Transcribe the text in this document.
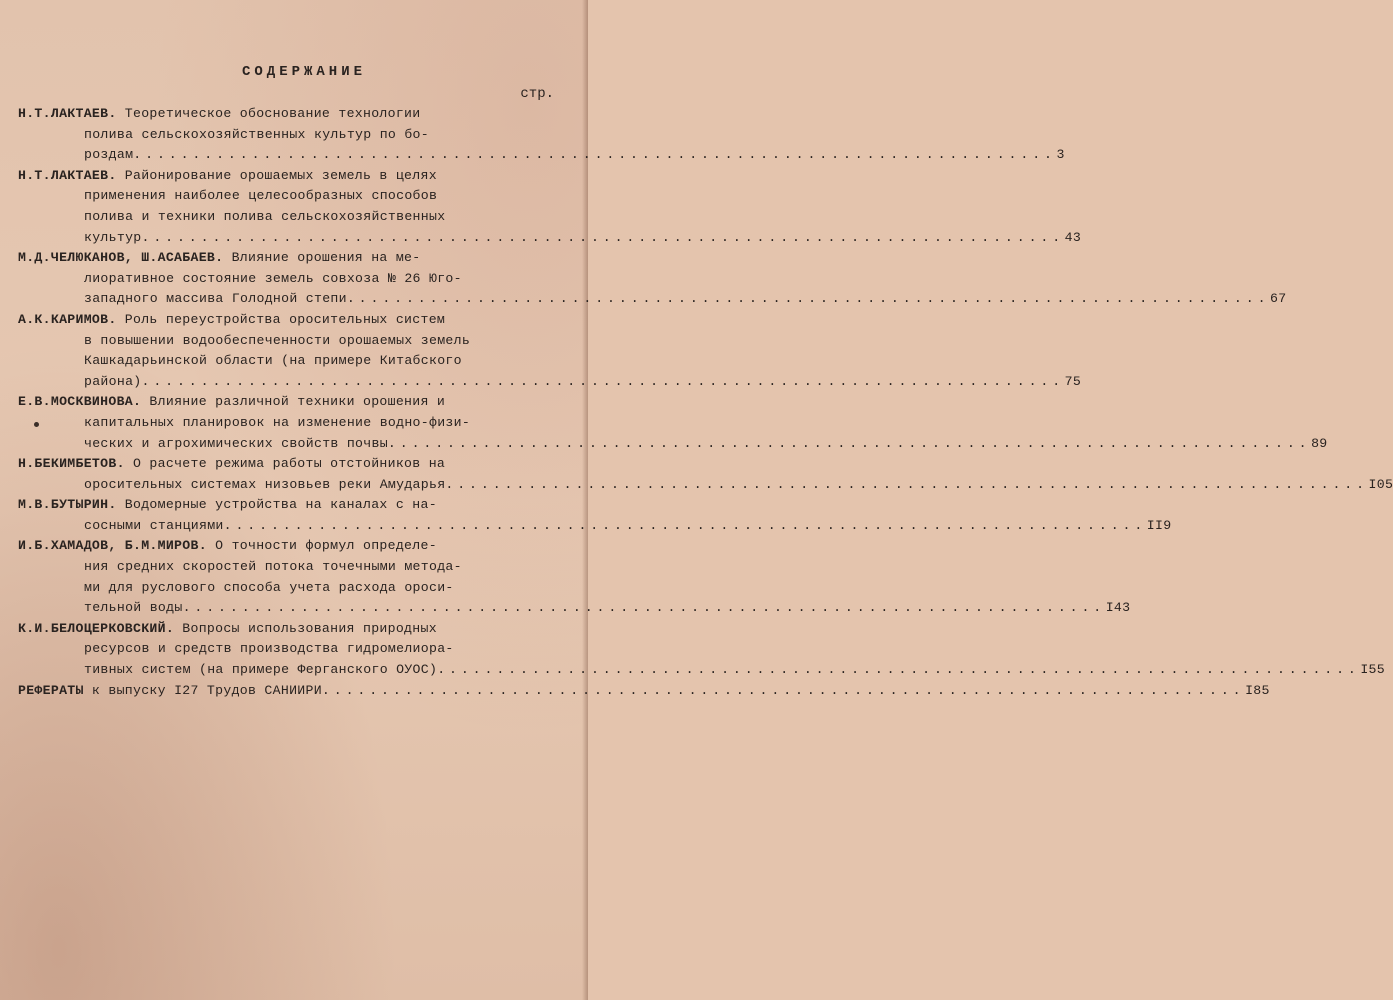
СОДЕРЖАНИЕ
стр.
Н.Т.ЛАКТАЕВ. Теоретическое обоснование технологии
полива сельскохозяйственных культур по бо-
роздам . . .	3
Н.Т.ЛАКТАЕВ. Районирование орошаемых земель в целях
применения наиболее целесообразных способов
полива и техники полива сельскохозяйственных
культур . . .	43
М.Д.ЧЕЛЮКАНОВ, Ш.АСАБАЕВ. Влияние орошения на ме-
лиоративное состояние земель совхоза № 26 Юго-
западного массива Голодной степи . . .	67
А.К.КАРИМОВ. Роль переустройства оросительных систем
в повышении водообеспеченности орошаемых земель
Кашкадарьинской области (на примере Китабского
района) . . .	75
Е.В.МОСКВИНОВА. Влияние различной техники орошения и
капитальных планировок на изменение водно-физи-
ческих и агрохимических свойств почвы . . .	89
Н.БЕКИМБЕТОВ. О расчете режима работы отстойников на
оросительных системах низовьев реки Амударья . . .	I05
М.В.БУТЫРИН. Водомерные устройства на каналах с на-
сосными станциями . . .	II9
И.Б.ХАМАДОВ, Б.М.МИРОВ. О точности формул определе-
ния средних скоростей потока точечными методa-
ми для руслового способа учета расхода ороси-
тельной воды . . .	I43
К.И.БЕЛОЦЕРКОВСКИЙ. Вопросы использования природных
ресурсов и средств производства гидромелиора-
тивных систем (на примере Ферганского ОУОС) . . .	I55
РЕФЕРАТЫ к выпуску I27 Трудов САНИИРИ . . .	I85
